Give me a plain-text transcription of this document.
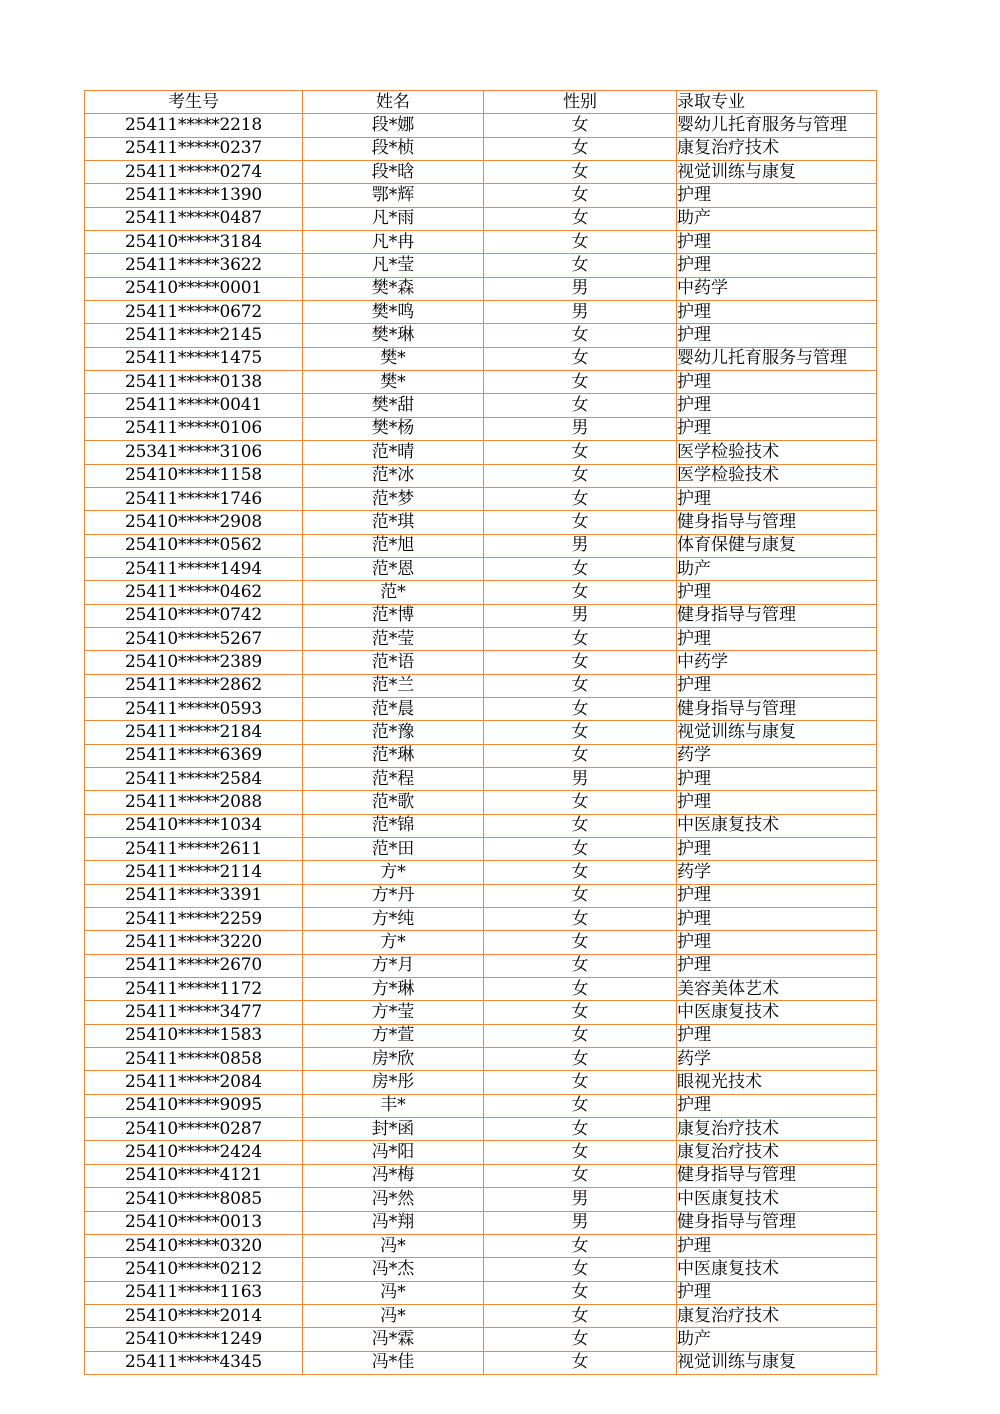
考生号	姓名	性别	录取专业
25411*****2218	段*娜	女	婴幼儿托育服务与管理
25411*****0237	段*桢	女	康复治疗技术
25411*****0274	段*晗	女	视觉训练与康复
25411*****1390	鄂*辉	女	护理
25411*****0487	凡*雨	女	助产
25410*****3184	凡*冉	女	护理
25411*****3622	凡*莹	女	护理
25410*****0001	樊*森	男	中药学
25411*****0672	樊*鸣	男	护理
25411*****2145	樊*琳	女	护理
25411*****1475	樊*	女	婴幼儿托育服务与管理
25411*****0138	樊*	女	护理
25411*****0041	樊*甜	女	护理
25411*****0106	樊*杨	男	护理
25341*****3106	范*晴	女	医学检验技术
25410*****1158	范*冰	女	医学检验技术
25411*****1746	范*梦	女	护理
25410*****2908	范*琪	女	健身指导与管理
25410*****0562	范*旭	男	体育保健与康复
25411*****1494	范*恩	女	助产
25411*****0462	范*	女	护理
25410*****0742	范*博	男	健身指导与管理
25410*****5267	范*莹	女	护理
25410*****2389	范*语	女	中药学
25411*****2862	范*兰	女	护理
25411*****0593	范*晨	女	健身指导与管理
25411*****2184	范*豫	女	视觉训练与康复
25411*****6369	范*琳	女	药学
25411*****2584	范*程	男	护理
25411*****2088	范*歌	女	护理
25410*****1034	范*锦	女	中医康复技术
25411*****2611	范*田	女	护理
25411*****2114	方*	女	药学
25411*****3391	方*丹	女	护理
25411*****2259	方*纯	女	护理
25411*****3220	方*	女	护理
25411*****2670	方*月	女	护理
25411*****1172	方*琳	女	美容美体艺术
25411*****3477	方*莹	女	中医康复技术
25410*****1583	方*萱	女	护理
25411*****0858	房*欣	女	药学
25411*****2084	房*彤	女	眼视光技术
25410*****9095	丰*	女	护理
25410*****0287	封*函	女	康复治疗技术
25410*****2424	冯*阳	女	康复治疗技术
25410*****4121	冯*梅	女	健身指导与管理
25410*****8085	冯*然	男	中医康复技术
25410*****0013	冯*翔	男	健身指导与管理
25410*****0320	冯*	女	护理
25410*****0212	冯*杰	女	中医康复技术
25411*****1163	冯*	女	护理
25410*****2014	冯*	女	康复治疗技术
25410*****1249	冯*霖	女	助产
25411*****4345	冯*佳	女	视觉训练与康复
